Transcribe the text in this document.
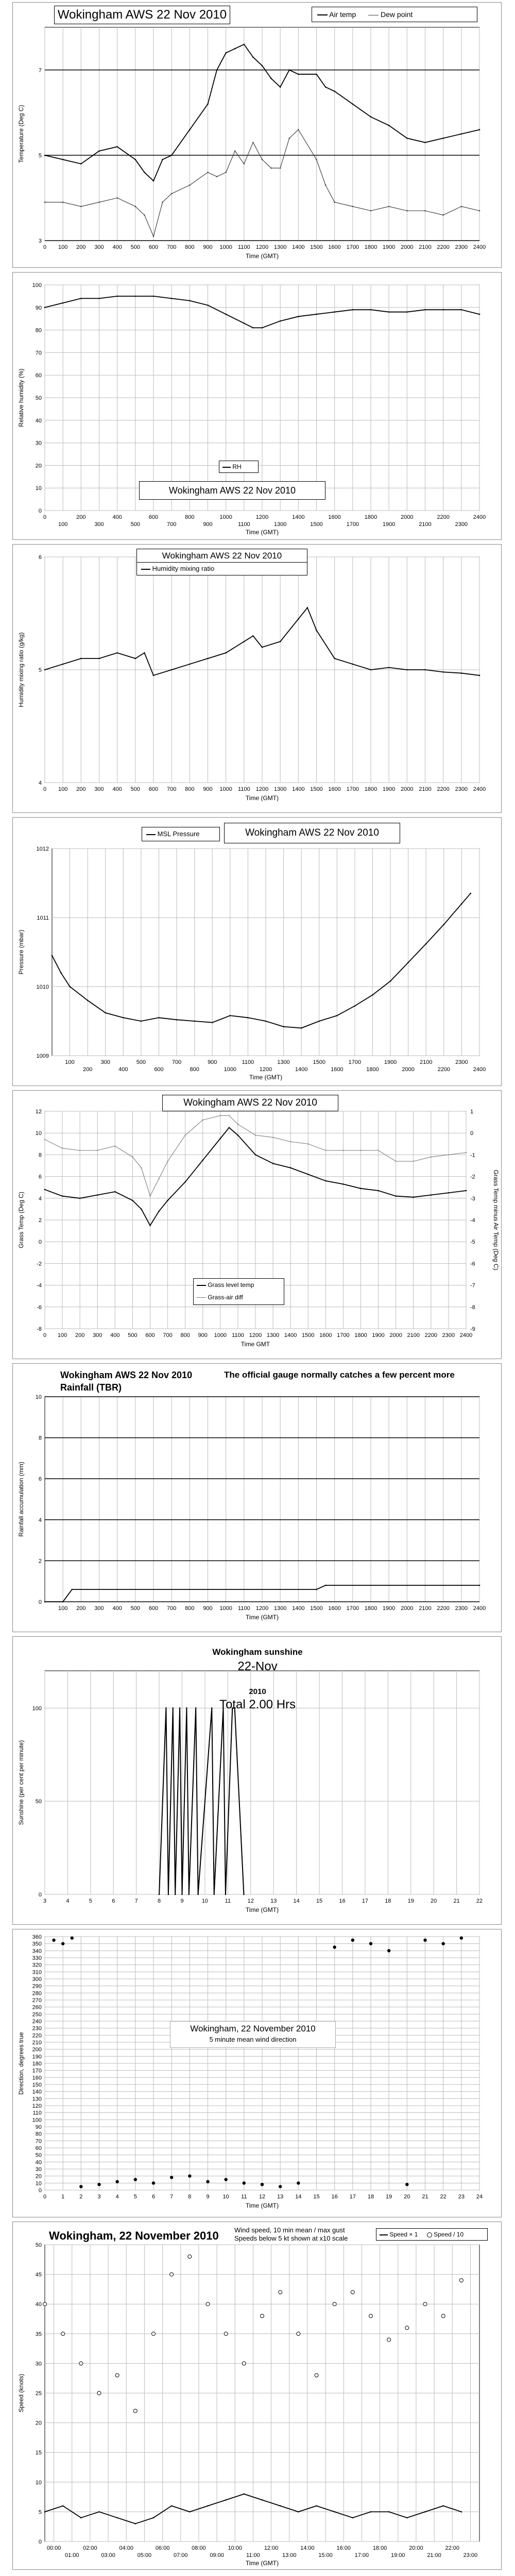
Wokingham AWS 22 Nov 2010	Air temp	Dew point
0 100 200 300 400 500 600 700 800 900 1000 1100 1200 1300 1400 1500 1600 1700 1800 1900 2000 2100 2200 2300 2400
3
5
7
Time (GMT)
Temperature (Deg C)
0
100
200
300
400
500
600
700
800
900
1000
1100
1200
1300
1400
1500
1600
1700
1800
1900
2000
2100
2200
2300
2400
0
10
20
30
40
50
60
70
80
90
100
Time (GMT)
Relative humidity (%)
Wokingham AWS 22 Nov 2010
RH
0 100 200 300 400 500 600 700 800 900 1000 1100 1200 1300 1400 1500 1600 1700 1800 1900 2000 2100 2200 2300 2400
4
5
6
Time (GMT)
Humidity mixing ratio (g/kg)
Wokingham AWS 22 Nov 2010
Humidity mixing ratio
100
200
300
400
500
600
700
800
900
1000
1100
1200
1300
1400
1500
1600
1700
1800
1900
2000
2100
2200
2300
2400
1009
1010
1011
1012
Time (GMT)
Pressure (mbar)
MSL Pressure	Wokingham AWS 22 Nov 2010
0 100 200 300 400 500 600 700 800 900 1000 1100 1200 1300 1400 1500 1600 1700 1800 1900 2000 2100 2200 2300 2400
-8
-6
-4
-2
0
2
4
6
8
10
12
Time GMT
Grass Temp (Deg C)
-9
-8
-7
-6
-5
-4
-3
-2
-1
0
1
Grass Temp minus Air Temp (Deg C)
Wokingham AWS 22 Nov 2010
Grass level temp
Grass-air diff
100 200 300 400 500 600 700 800 900 1000 1100 1200 1300 1400 1500 1600 1700 1800 1900 2000 2100 2200 2300 2400
0
2
4
6
8
10
Time (GMT)
Rainfall accumulation (mm)
Wokingham AWS 22 Nov 2010
Rainfall (TBR)
The official gauge normally catches a few percent more
3	4	5	6	7	8	9	10	11	12	13	14	15	16	17	18	19	20	21	22
0
50
100
Time (GMT)
Sunshine (per cent per minute)
Wokingham sunshine
22-Nov
2010
Total 2.00 Hrs
0	1	2	3	4	5	6	7	8	9 10 11 12 13 14 15 16 17 18 19 20 21 22 23 24
0
10
20
30
40
50
60
70
80
90
100
110
120
130
140
150
160
170
180
190
200
210
220
230
240
250
260
270
280
290
300
310
320
330
340
350
360
Time (GMT)
Direction, degrees true
Wokingham, 22 November 2010
5 minute mean wind direction
00:00
01:00
02:00
03:00
04:00
05:00
06:00
07:00
08:00
09:00
10:00
11:00
12:00
13:00
14:00
15:00
16:00
17:00
18:00
19:00
20:00
21:00
22:00
23:00
0
5
10
15
20
25
30
35
40
45
50
Time (GMT)
Speed (knots)
Wokingham, 22 November 2010 Wind speed, 10 min mean / max gust
Speeds below 5 kt shown at x10 scale	Speed × 1	Speed / 10
